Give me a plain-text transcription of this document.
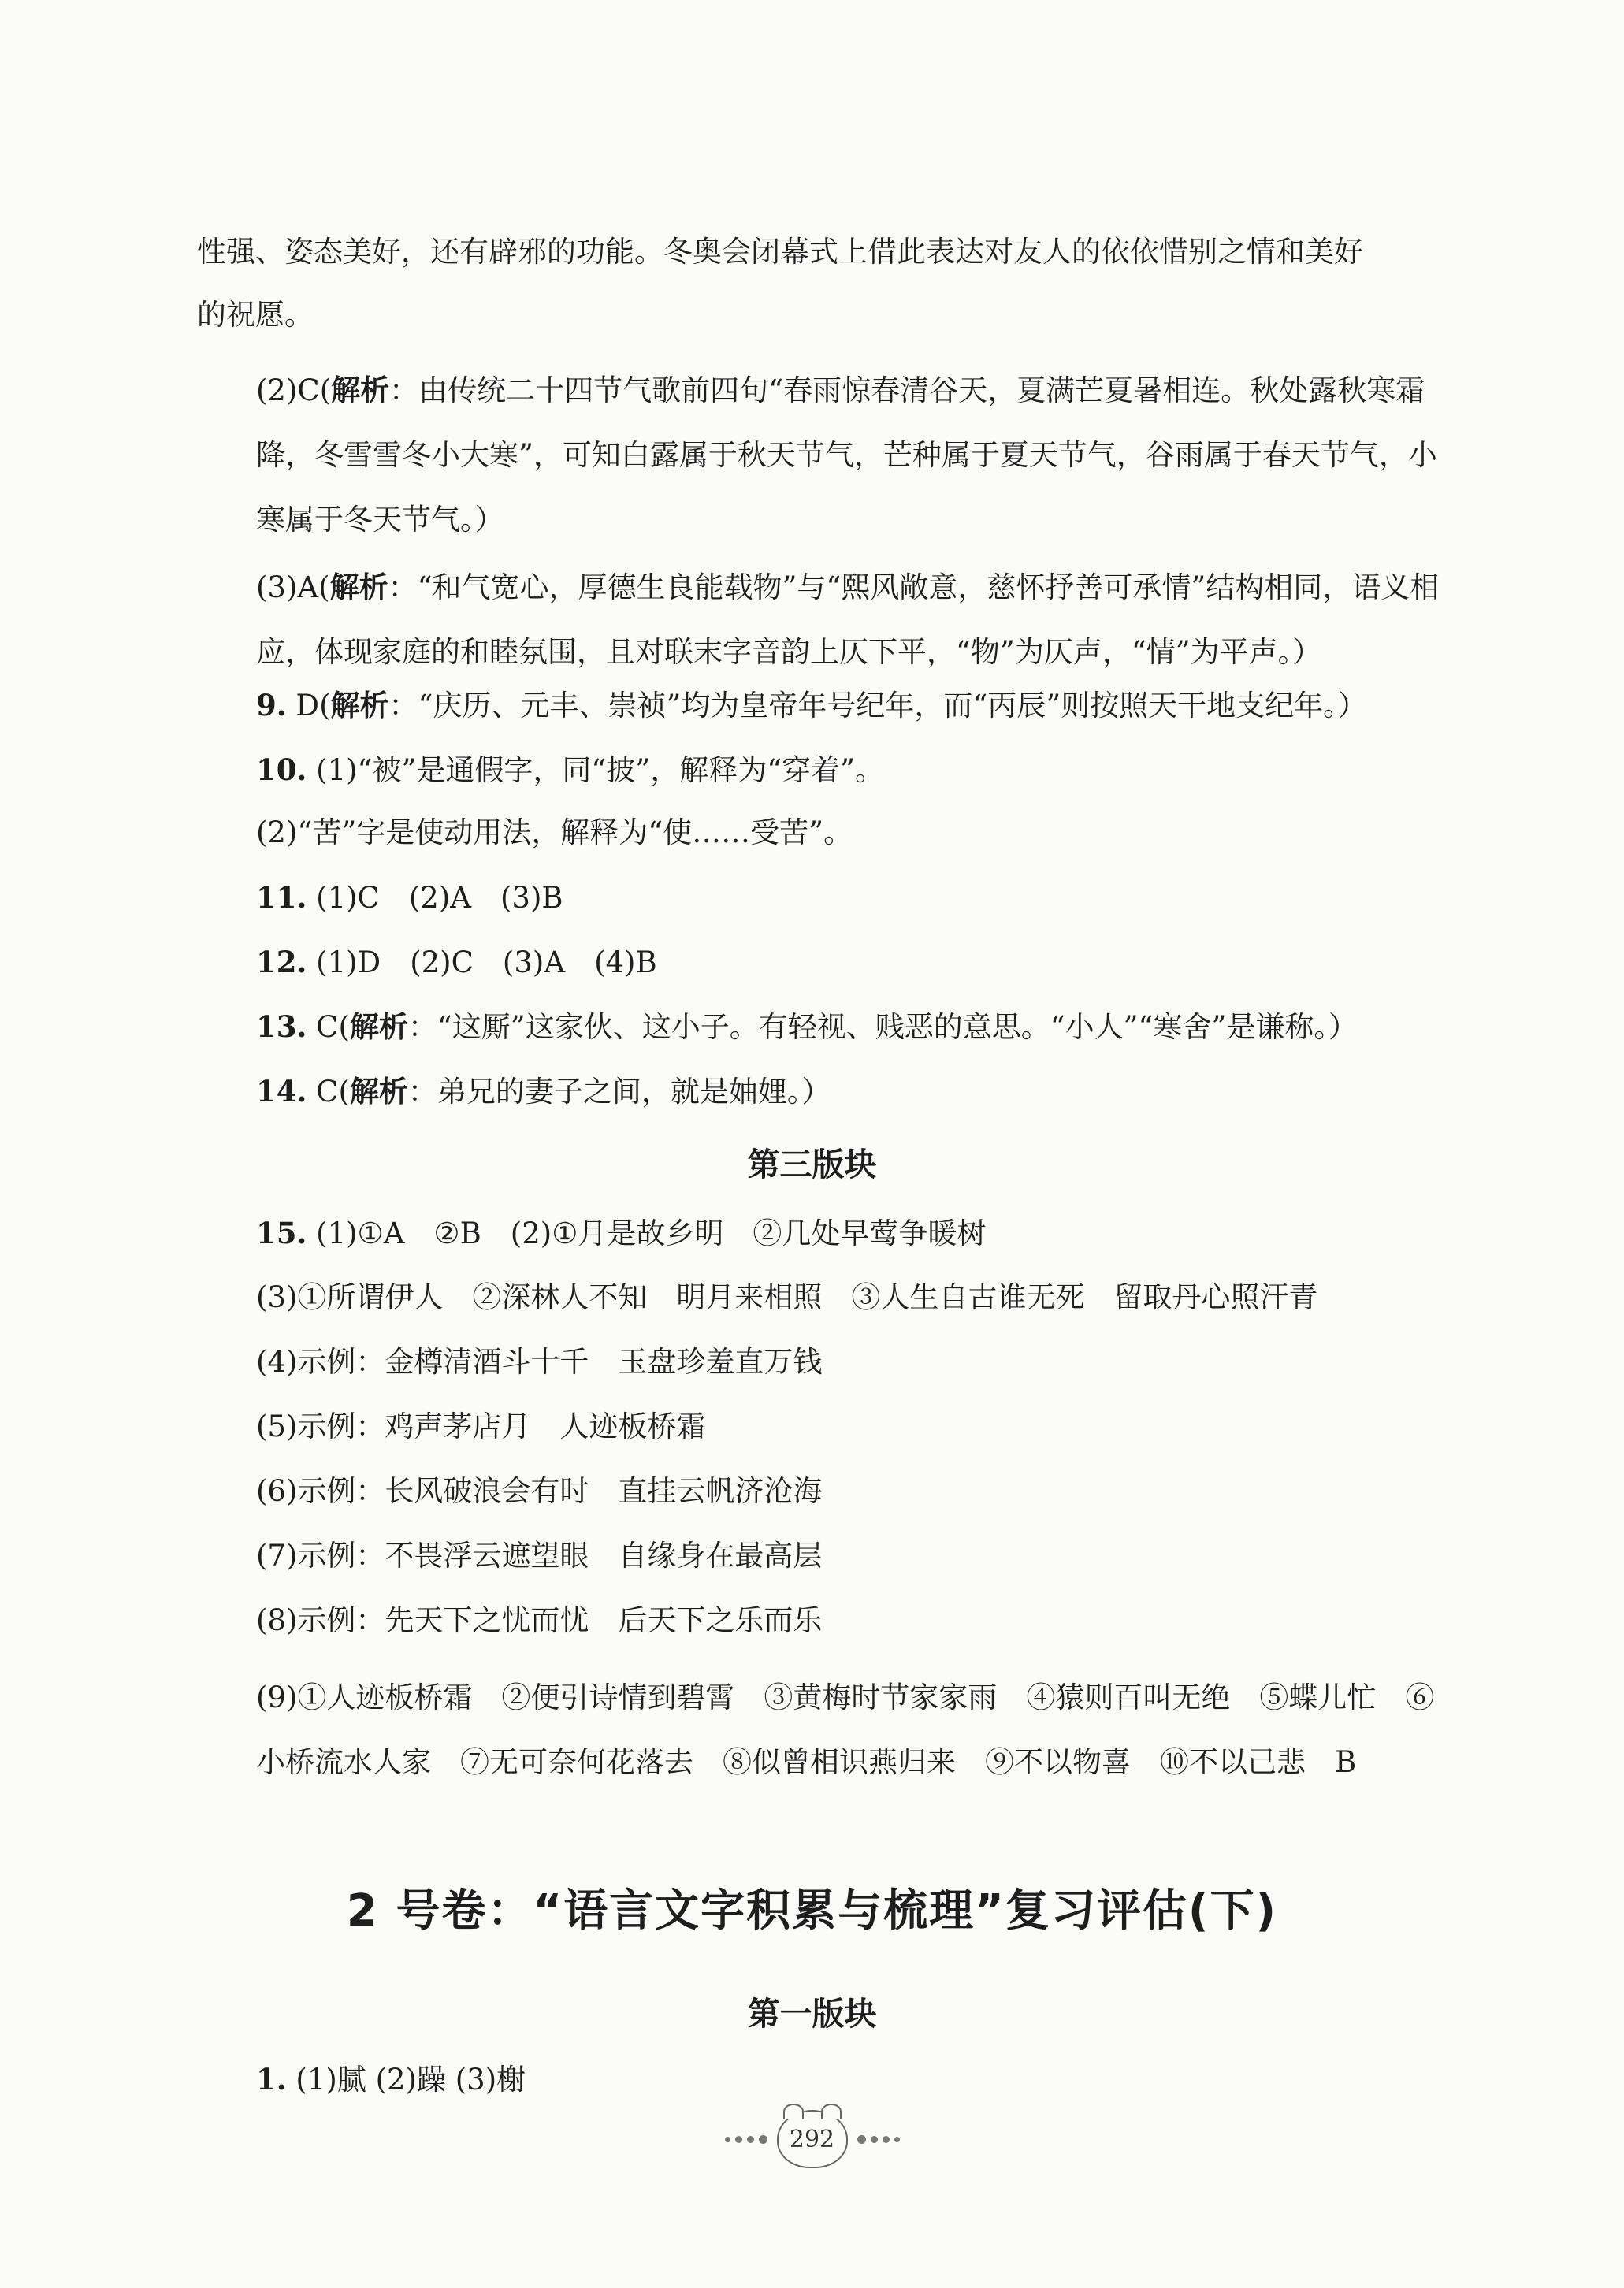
性强、姿态美好，还有辟邪的功能。冬奥会闭幕式上借此表达对友人的依依惜别之情和美好
的祝愿。
(2)C(解析：由传统二十四节气歌前四句“春雨惊春清谷天，夏满芒夏暑相连。秋处露秋寒霜降，冬雪雪冬小大寒”，可知白露属于秋天节气，芒种属于夏天节气，谷雨属于春天节气，小寒属于冬天节气。）
(3)A(解析：“和气宽心，厚德生良能载物”与“熙风敞意，慈怀抒善可承情”结构相同，语义相应，体现家庭的和睦氛围，且对联末字音韵上仄下平，“物”为仄声，“情”为平声。）
9. D(解析：“庆历、元丰、崇祯”均为皇帝年号纪年，而“丙辰”则按照天干地支纪年。）
10. (1)“被”是通假字，同“披”，解释为“穿着”。
(2)“苦”字是使动用法，解释为“使……受苦”。
11. (1)C　(2)A　(3)B
12. (1)D　(2)C　(3)A　(4)B
13. C(解析：“这厮”这家伙、这小子。有轻视、贱恶的意思。“小人”“寒舍”是谦称。）
14. C(解析：弟兄的妻子之间，就是妯娌。）
第三版块
15. (1)①A　②B　(2)①月是故乡明　②几处早莺争暖树
(3)①所谓伊人　②深林人不知　明月来相照　③人生自古谁无死　留取丹心照汗青
(4)示例：金樽清酒斗十千　玉盘珍羞直万钱
(5)示例：鸡声茅店月　人迹板桥霜
(6)示例：长风破浪会有时　直挂云帆济沧海
(7)示例：不畏浮云遮望眼　自缘身在最高层
(8)示例：先天下之忧而忧　后天下之乐而乐
(9)①人迹板桥霜　②便引诗情到碧霄　③黄梅时节家家雨　④猿则百叫无绝　⑤蝶儿忙　⑥小桥流水人家　⑦无可奈何花落去　⑧似曾相识燕归来　⑨不以物喜　⑩不以己悲　B
2 号卷：“语言文字积累与梳理”复习评估(下)
第一版块
1. (1)腻 (2)躁 (3)榭
292
